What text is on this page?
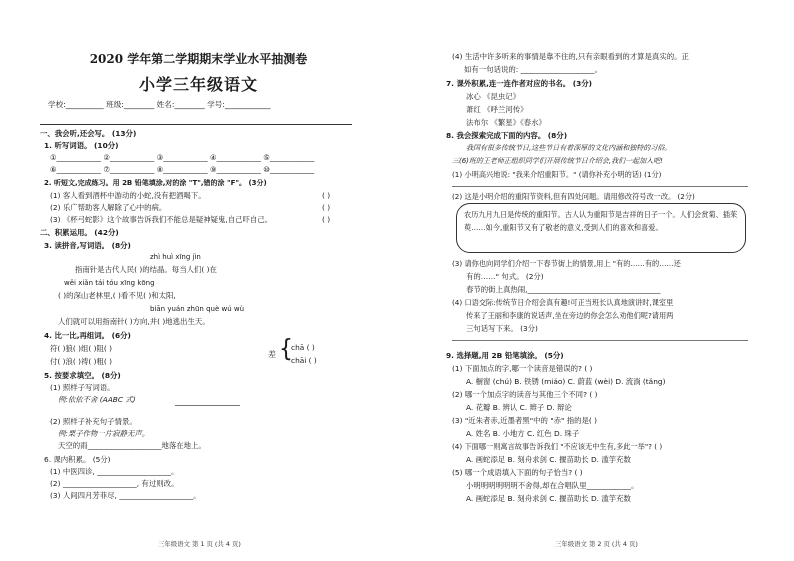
2020 学年第二学期期末学业水平抽测卷
小学三年级语文
学校:__________ 班级:________ 姓名:________ 学号:____________
一、我会听,还会写。 (13分)
1. 听写词语。 (10分)
①____________ ②____________ ③____________ ④____________ ⑤____________
⑥____________ ⑦____________ ⑧____________ ⑨____________ ⑩____________
2. 听短文,完成练习。用 2B 铅笔填涂,对的涂 "T",错的涂 "F"。 (3分)
(1) 客人看到酒杯中游动的小蛇,没有把酒喝下。
(2) 乐广帮助客人解除了心中的病。
(3) 《杯弓蛇影》这个故事告诉我们不能总是疑神疑鬼,自己吓自己。
( )
( )
( )
二、积累运用。 (42分)
3. 读拼音,写词语。 (8分)
zhì huì xīng jìn
指南针是古代人民( )的结晶。每当人们( )在
wěi xiǎn tái tóu xīng kōng
( )的深山老林里,( )看不见( )和太阳,
biān yuán zhūn què wú wù
人们就可以用指南针( )方向,并( )地逃出生天。
4. 比一比,再组词。 (6分)
符( )狼( )组( )阻( )
付( )浪( )祷( )粗( )
差 {
chā ( )
chāi ( )
5. 按要求填空。 (8分)
(1) 照样子写词语。
例:依依不舍 (AABC 式)
(2) 照样子补充句子情景。
例:栗子作物一片寂静无声。
天空的雨____________________地落在地上。
6. 课内积累。 (5分)
(1) 中医四诊, ____________________。
(2) ____________________, 有过则改。
(3) 人间四月芳菲尽, ____________________。
三年级语文 第 1 页 (共 4 页)
(4) 生活中许多听来的事情是靠不住的,只有亲眼看到的才算是真实的。正
如有一句话说的: ____________________。
7. 课外积累,连一连作者对应的书名。 (3分)
冰心 《昆虫记》
萧红 《呼兰河传》
法布尔 《繁星》《春水》
8. 我会探索完成下面的内容。 (8分)
我国有很多传统节日,这些节日有着深厚的文化内涵和独特的习俗。
三(6)班的王老师正组织同学们开展传统节日介绍会,我们一起加入吧!
(1) 小明高兴地说: "我来介绍重阳节。" (请你补充小明的话) (1分)
(2) 这是小明介绍的重阳节资料,但有四处问题。请用修改符号改一改。 (2分)
农历九月九日是传统的重阳节。古人认为重阳节是吉祥的日子一个。人们会赏菊、插茱萸……如今,重阳节又有了敬老的意义,受到人们的喜欢和喜爱。
(3) 请你也向同学们介绍一下春节街上的情景,用上 "有的……有的……还
有的……" 句式。 (2分)
春节的街上真热闹,____________________________________
(4) 口语交际:传统节日介绍会真有趣!可正当班长认真地演讲时,课室里
传来了王丽和李康的说话声,坐在旁边的你会怎么劝他们呢?请用两
三句话写下来。 (3分)
9. 选择题,用 2B 铅笔填涂。 (5分)
(1) 下面加点的字,哪一个读音是错误的? ( )
A. 橱窗 (chú) B. 铁锈 (miáo) C. 蔚蓝 (wèi) D. 流淌 (tǎng)
(2) 哪一个加点字的读音与其他三个不同? ( )
A. 花瓣 B. 辨认 C. 辫子 D. 辩论
(3) "近朱者赤,近墨者黑"中的 "赤" 指的是( )
A. 姓名 B. 小地方 C. 红色 D. 珠子
(4) 下面哪一则寓言故事告诉我们 "不应该无中生有,多此一举"? ( )
A. 画蛇添足 B. 刻舟求剑 C. 揠苗助长 D. 滥竽充数
(5) 哪一个成语填入下面的句子恰当? ( )
小明明明明明明不舍得,却在合唱队里____________。
A. 画蛇添足 B. 刻舟求剑 C. 揠苗助长 D. 滥竽充数
三年级语文 第 2 页 (共 4 页)
